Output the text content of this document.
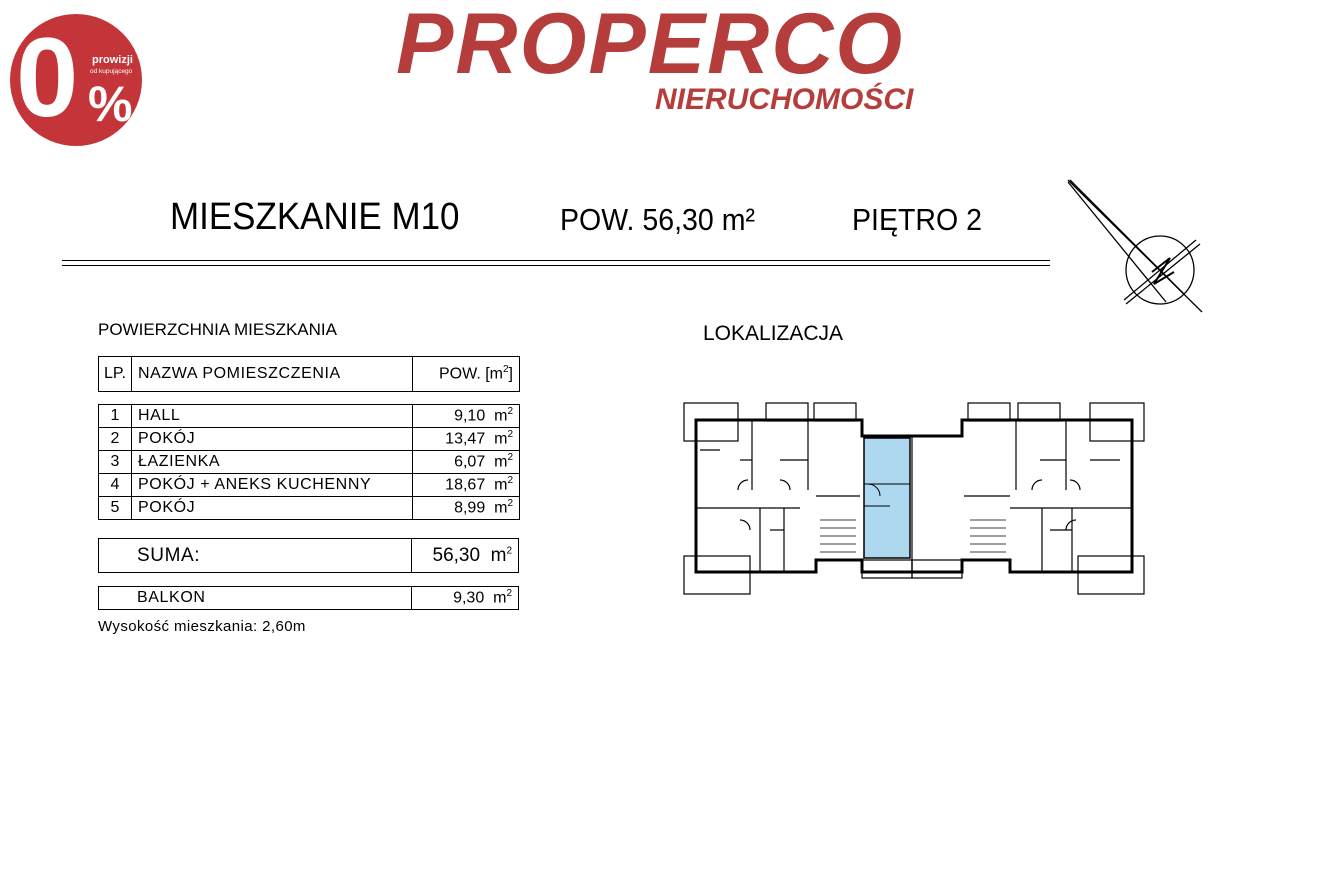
0 prowizji
od kupującego
%
PROPERCO
NIERUCHOMOŚCI
MIESZKANIE M10	POW. 56,30 m²	PIĘTRO 2
POWIERZCHNIA MIESZKANIA
LP.	NAZWA POMIESZCZENIA	POW. $[m^2]$
1	HALL	9,10 $m^2$
2	POKÓJ	13,47 $m^2$
3	ŁAZIENKA	6,07 $m^2$
4	POKÓJ + ANEKS KUCHENNY	18,67 $m^2$
5	POKÓJ	8,99 $m^2$
	SUMA:	56,30 $m^2$
	BALKON	9,30 $m^2$
Wysokość mieszkania: 2,60m
LOKALIZACJA
